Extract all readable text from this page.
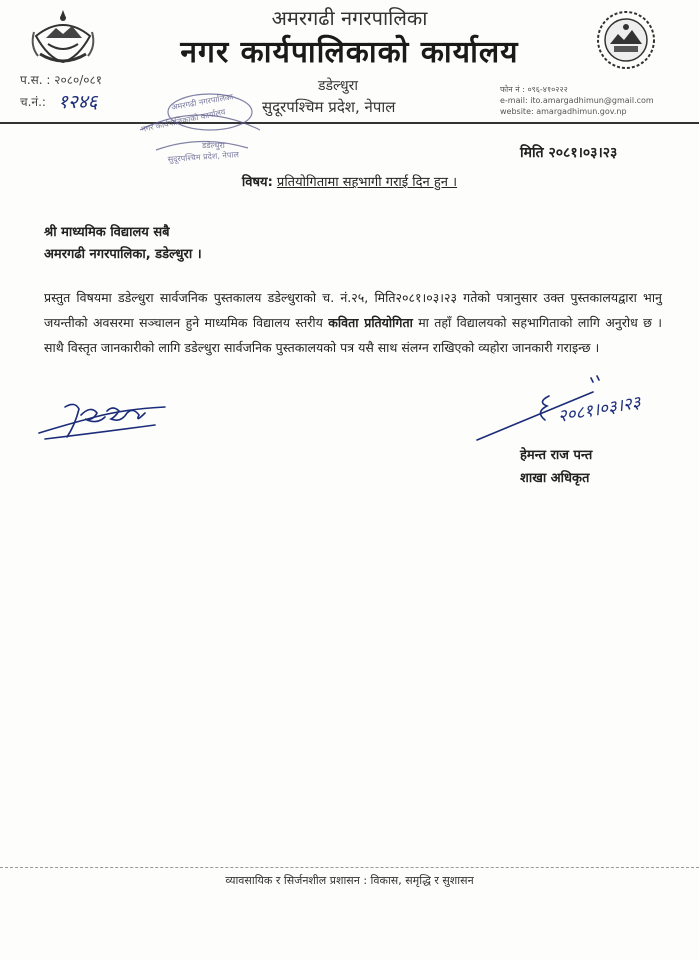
अमरगढी नगरपालिका
नगर कार्यपालिकाको कार्यालय
डडेल्धुरा
सुदूरपश्चिम प्रदेश, नेपाल
प.स. : २०८०/०८१
च.नं.: १२४६
फोन नं : ०९६-४१०२२२
e-mail: ito.amargadhimun@gmail.com
website: amargadhimun.gov.np
अमरगढी नगरपालिका
नगर कार्यपालिकाको कार्यालय
डडेल्धुरा
सुदूरपश्चिम प्रदेश, नेपाल	मिति २०८१।०३।२३
विषय: प्रतियोगितामा सहभागी गराई दिन हुन ।
श्री माध्यमिक विद्यालय सबै
अमरगढी नगरपालिका, डडेल्धुरा ।
प्रस्तुत विषयमा डडेल्धुरा सार्वजनिक पुस्तकालय डडेल्धुराको च. नं.२५, मिति२०८१।०३।२३ गतेको पत्रानुसार उक्त पुस्तकालयद्वारा भानु जयन्तीको अवसरमा सञ्चालन हुने माध्यमिक विद्यालय स्तरीय कविता प्रतियोगिता मा तहाँ विद्यालयको सहभागिताको लागि अनुरोध छ । साथै विस्तृत जानकारीको लागि डडेल्धुरा सार्वजनिक पुस्तकालयको पत्र यसै साथ संलग्न राखिएको व्यहोरा जानकारी गराइन्छ ।
२०८१।०३।२३
हेमन्त राज पन्त
शाखा अधिकृत
व्यावसायिक र सिर्जनशील प्रशासन : विकास, समृद्धि र सुशासन
